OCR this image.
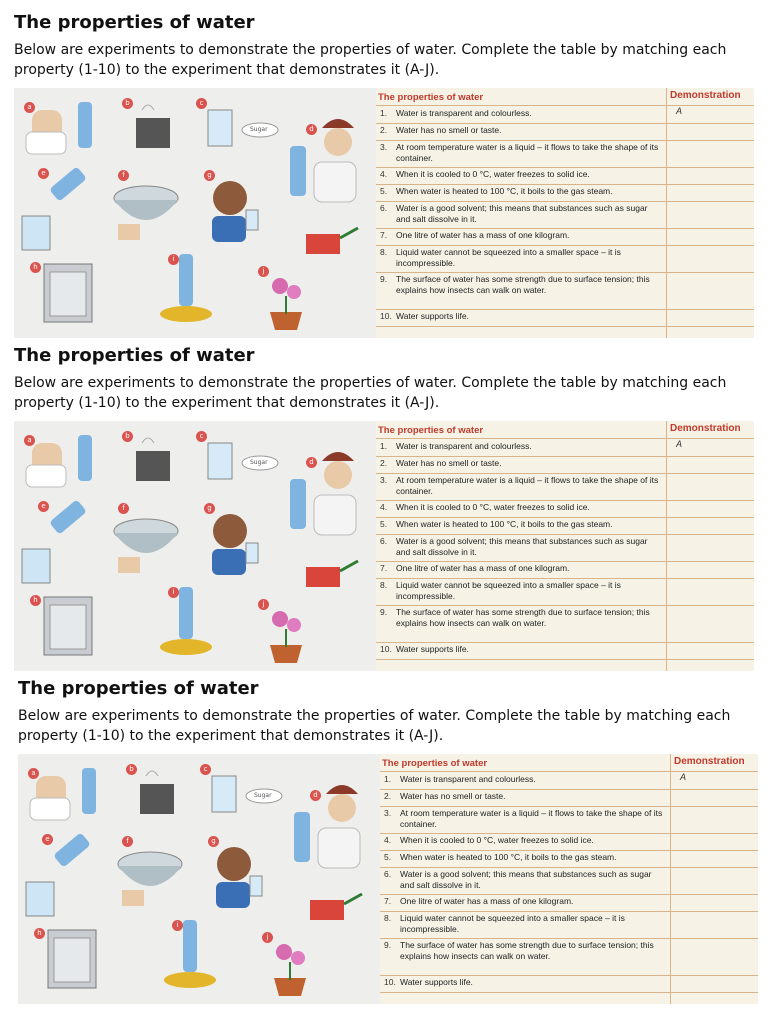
The properties of water

Below are experiments to demonstrate the properties of water. Complete the table by matching each property (1-10) to the experiment that demonstrates it (A-J).

a	b	c
d
e	f	g
h
i
j
Sugar
The properties of water	Demonstration
1. Water is transparent and colourless.	A
2. Water has no smell or taste.
3. At room temperature water is a liquid – it flows to take the shape of its container.
4. When it is cooled to 0 °C, water freezes to solid ice.
5. When water is heated to 100 °C, it boils to the gas steam.
6. Water is a good solvent; this means that substances such as sugar and salt dissolve in it.
7. One litre of water has a mass of one kilogram.
8. Liquid water cannot be squeezed into a smaller space – it is incompressible.
9. The surface of water has some strength due to surface tension; this explains how insects can walk on water.
10. Water supports life.
The properties of water

Below are experiments to demonstrate the properties of water. Complete the table by matching each property (1-10) to the experiment that demonstrates it (A-J).

a	b	c
d
e	f	g
h
i
j
Sugar
The properties of water	Demonstration
1. Water is transparent and colourless.	A
2. Water has no smell or taste.
3. At room temperature water is a liquid – it flows to take the shape of its container.
4. When it is cooled to 0 °C, water freezes to solid ice.
5. When water is heated to 100 °C, it boils to the gas steam.
6. Water is a good solvent; this means that substances such as sugar and salt dissolve in it.
7. One litre of water has a mass of one kilogram.
8. Liquid water cannot be squeezed into a smaller space – it is incompressible.
9. The surface of water has some strength due to surface tension; this explains how insects can walk on water.
10. Water supports life.
The properties of water

Below are experiments to demonstrate the properties of water. Complete the table by matching each property (1-10) to the experiment that demonstrates it (A-J).

a	b	c
d
e	f	g
h
i
j
Sugar
The properties of water	Demonstration
1. Water is transparent and colourless.	A
2. Water has no smell or taste.
3. At room temperature water is a liquid – it flows to take the shape of its container.
4. When it is cooled to 0 °C, water freezes to solid ice.
5. When water is heated to 100 °C, it boils to the gas steam.
6. Water is a good solvent; this means that substances such as sugar and salt dissolve in it.
7. One litre of water has a mass of one kilogram.
8. Liquid water cannot be squeezed into a smaller space – it is incompressible.
9. The surface of water has some strength due to surface tension; this explains how insects can walk on water.
10. Water supports life.
